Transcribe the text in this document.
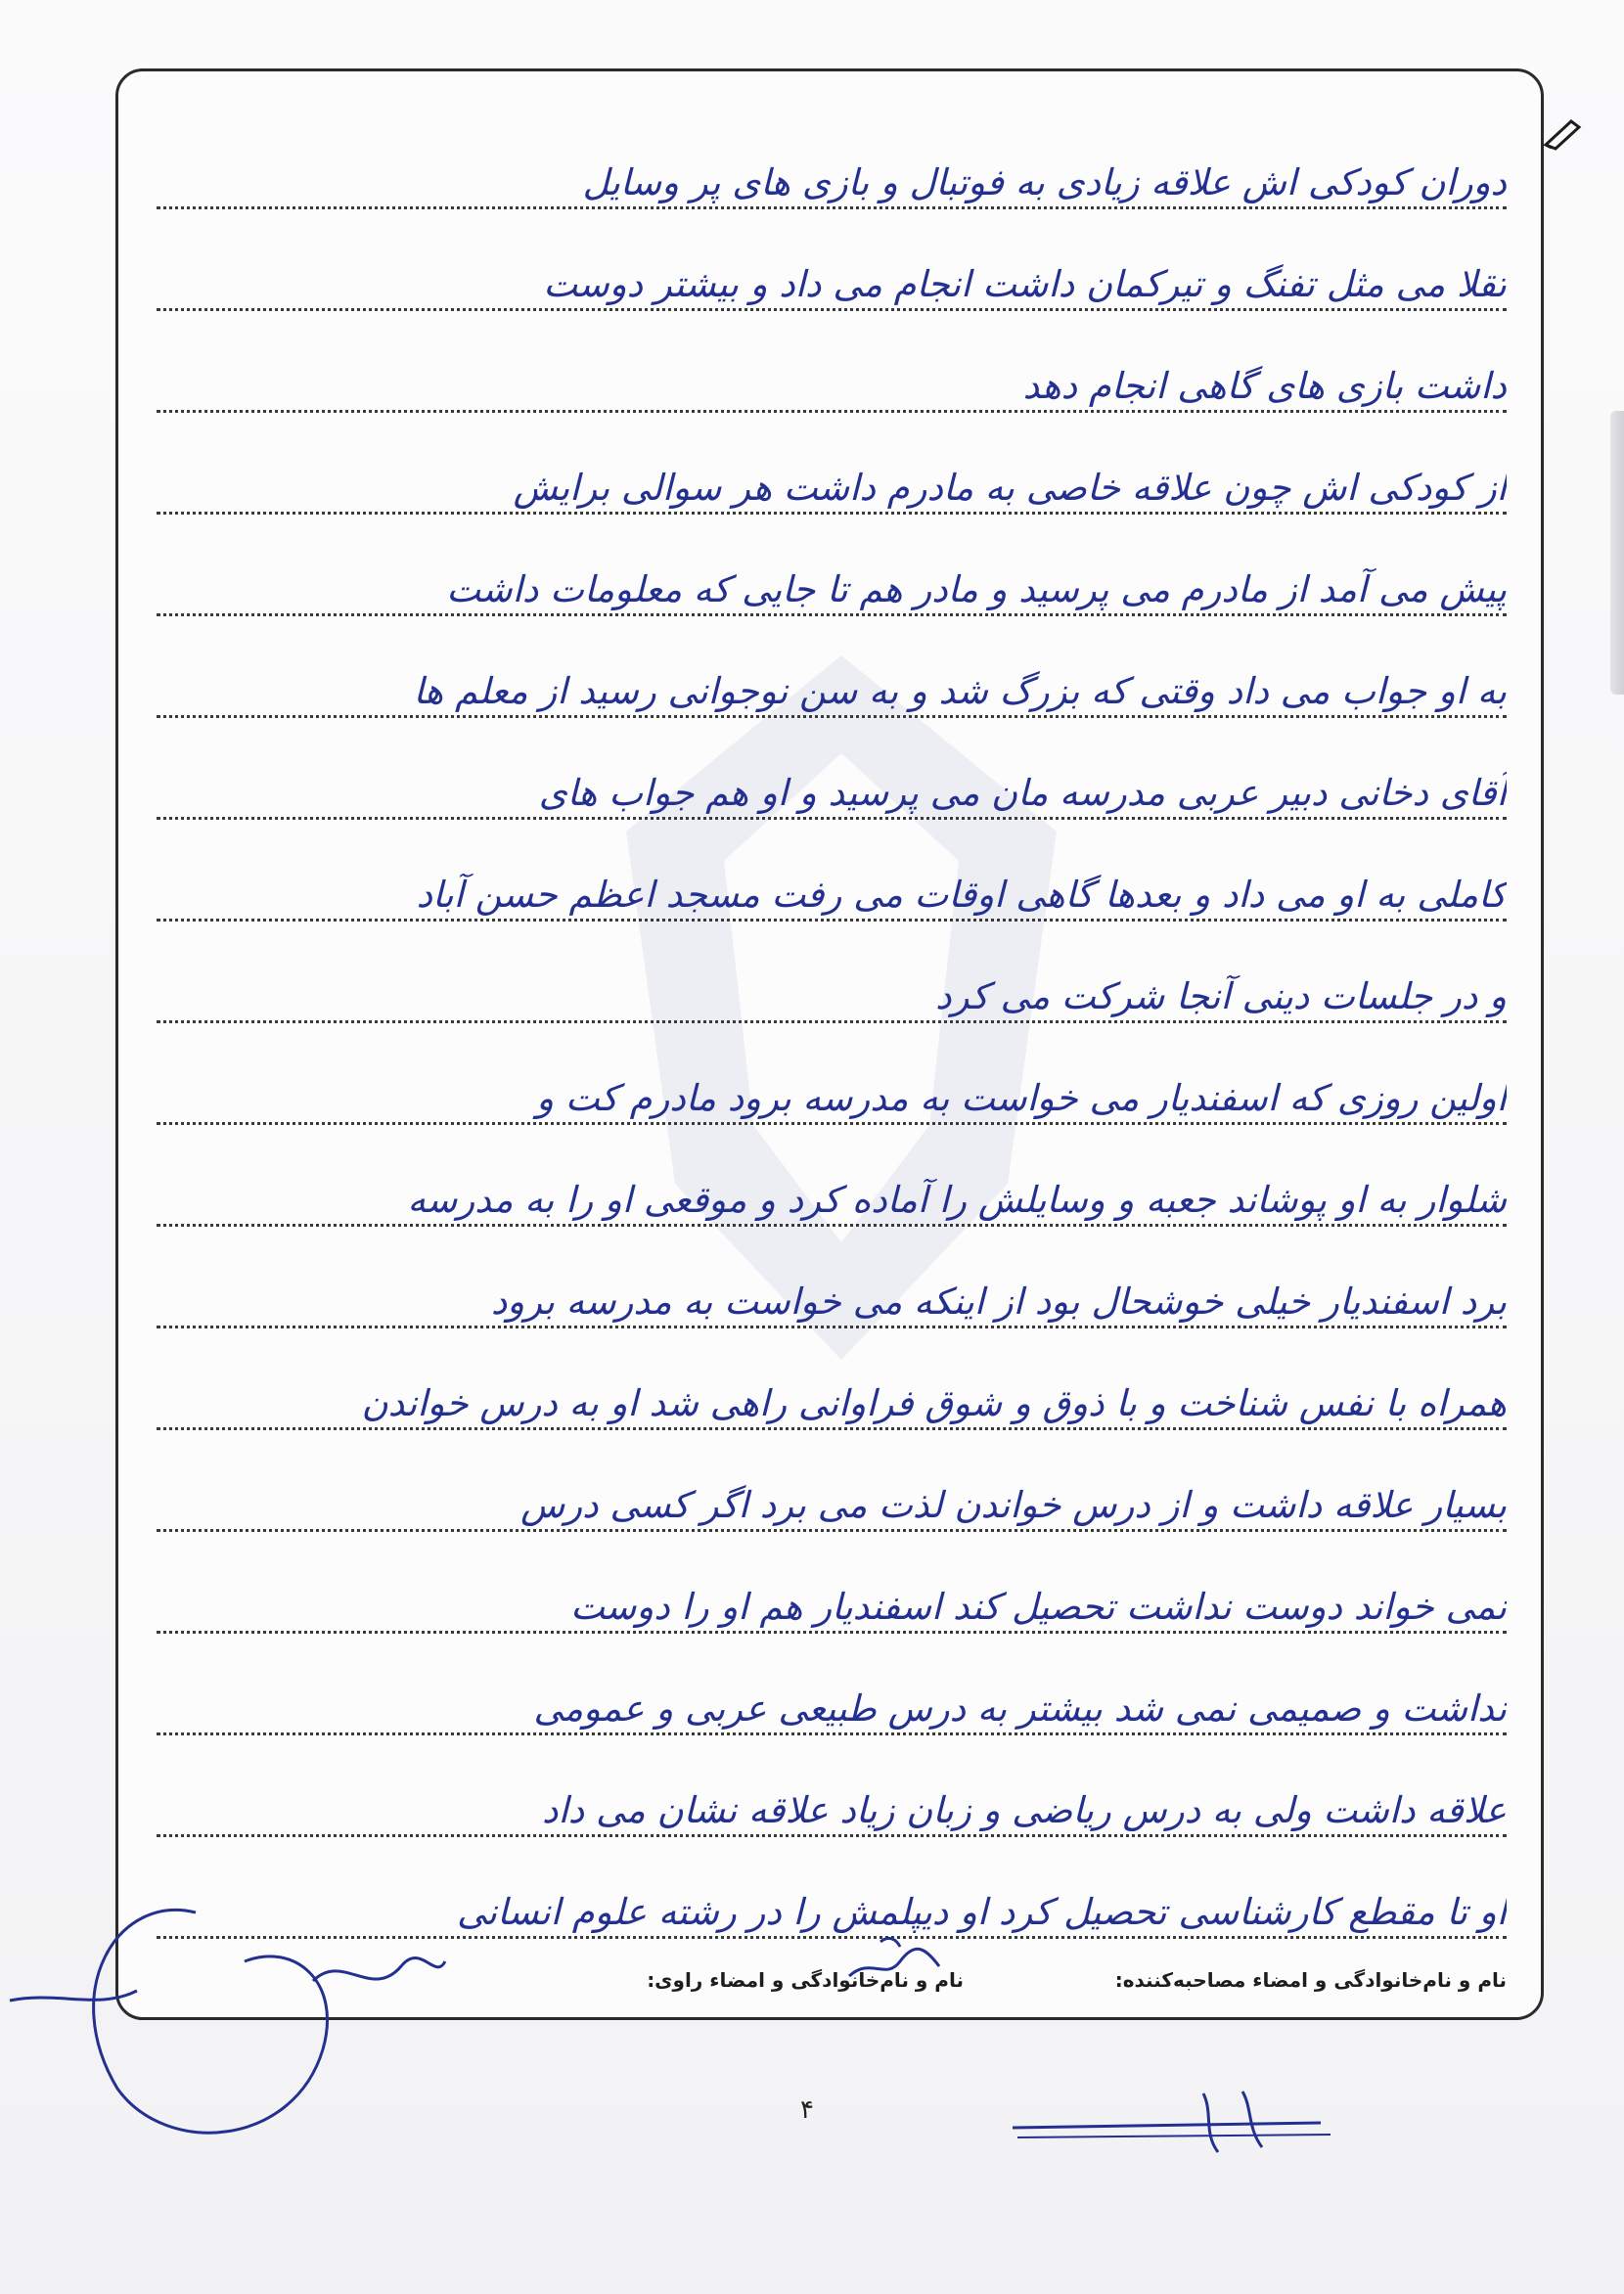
دوران کودکی اش علاقه زیادی به فوتبال و بازی های پر وسایل
تقلا می مثل تفنگ و تیرکمان داشت انجام می داد و بیشتر دوست
داشت بازی های گاهی انجام دهد
از کودکی اش چون علاقه خاصی به مادرم داشت هر سوالی برایش
پیش می آمد از مادرم می پرسید و مادر هم تا جایی که معلومات داشت
به او جواب می داد وقتی که بزرگ شد و به سن نوجوانی رسید از معلم ها
آقای دخانی دبیر عربی مدرسه مان می پرسید و او هم جواب های
کاملی به او می داد و بعدها گاهی اوقات می رفت مسجد اعظم حسن آباد
و در جلسات دینی آنجا شرکت می کرد
اولین روزی که اسفندیار می خواست به مدرسه برود مادرم کت و
شلوار به او پوشاند جعبه و وسایلش را آماده کرد و موقعی او را به مدرسه
برد اسفندیار خیلی خوشحال بود از اینکه می خواست به مدرسه برود
همراه با نفس شناخت و با ذوق و شوق فراوانی راهی شد او به درس خواندن
بسیار علاقه داشت و از درس خواندن لذت می برد اگر کسی درس
نمی خواند دوست نداشت تحصیل کند اسفندیار هم او را دوست
نداشت و صمیمی نمی شد بیشتر به درس طبیعی عربی و عمومی
علاقه داشت ولی به درس ریاضی و زبان زیاد علاقه نشان می داد
او تا مقطع کارشناسی تحصیل کرد او دیپلمش را در رشته علوم انسانی
نام و نام‌خانوادگی و امضاء مصاحبه‌کننده:
نام و نام‌خانوادگی و امضاء راوی:
۴
